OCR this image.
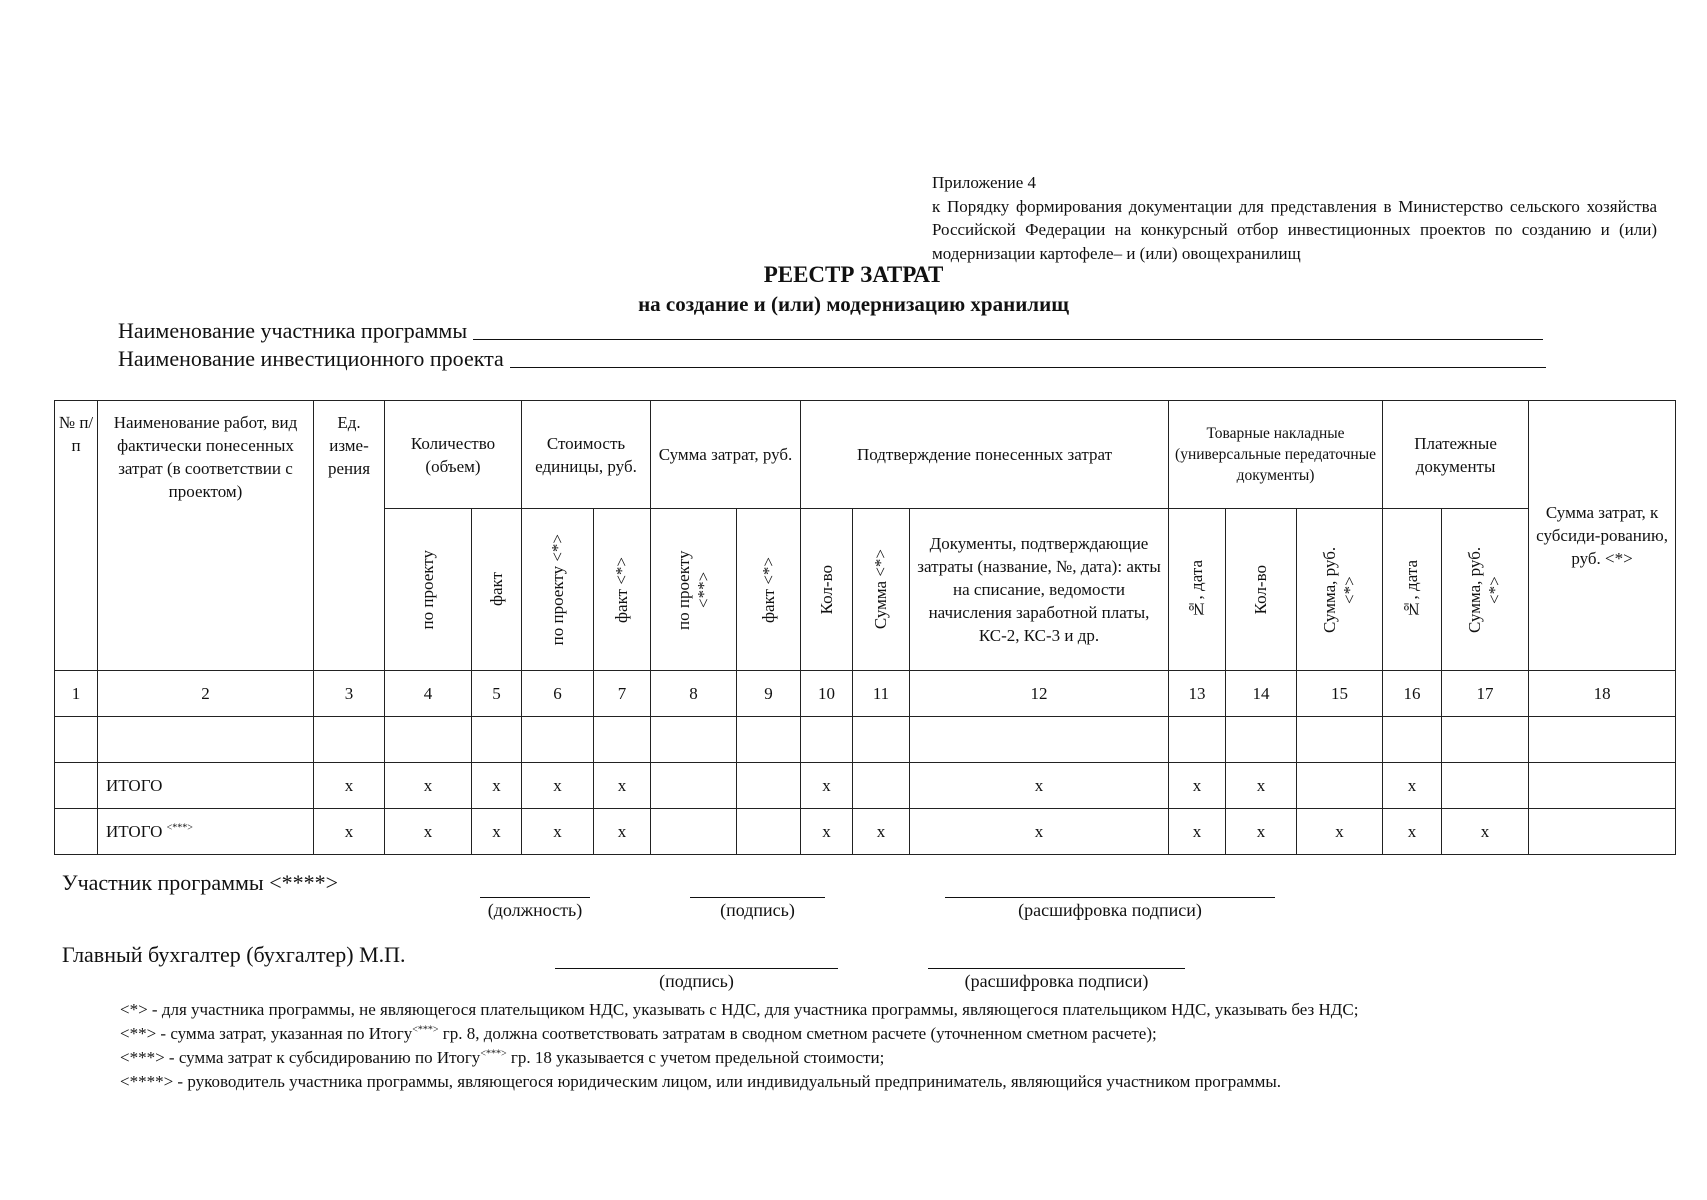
Приложение 4
к Порядку формирования документации для представления в Министерство сельского хозяйства Российской Федерации на конкурсный отбор инвестиционных проектов по созданию и (или) модернизации картофеле– и (или) овощехранилищ
РЕЕСТР ЗАТРАТ
на создание и (или) модернизацию хранилищ
Наименование участника программы
Наименование инвестиционного проекта
№ п/п	Наименование работ, вид фактически понесенных затрат (в соответствии с проектом)	Ед. изме-рения	Количество (объем)		Стоимость единицы, руб.		Сумма затрат, руб.		Подтверждение понесенных затрат			Товарные накладные (универсальные передаточные документы)			Платежные документы		Сумма затрат, к субсиди-рованию, руб. <*>

			по проекту	факт	по проекту <*>	факт <*>	по проекту <**>	факт <*>	Кол-во	Сумма <*>	Документы, подтверждающие затраты (название, №, дата): акты на списание, ведомости начисления заработной платы, КС-2, КС-3 и др.	№, дата	Кол-во	Сумма, руб. <*>	№, дата	Сумма, руб. <*>	

1	2	3	4	5	6	7	8	9	10	11	12	13	14	15	16	17	18

	ИТОГО	x	x	x	x	x			x		x	x	x		x		
	ИТОГО <***>	x	x	x	x	x			x	x	x	x	x	x	x	x	
Участник программы <****>
(должность)	(подпись)	(расшифровка подписи)
Главный бухгалтер (бухгалтер) М.П.
(подпись)	(расшифровка подписи)
<*> - для участника программы, не являющегося плательщиком НДС, указывать с НДС, для участника программы, являющегося плательщиком НДС, указывать без НДС;
<**> - сумма затрат, указанная по Итогу<***> гр. 8, должна соответствовать затратам в сводном сметном расчете (уточненном сметном расчете);
<***> - сумма затрат к субсидированию по Итогу<***> гр. 18 указывается с учетом предельной стоимости;
<****> - руководитель участника программы, являющегося юридическим лицом, или индивидуальный предприниматель, являющийся участником программы.
